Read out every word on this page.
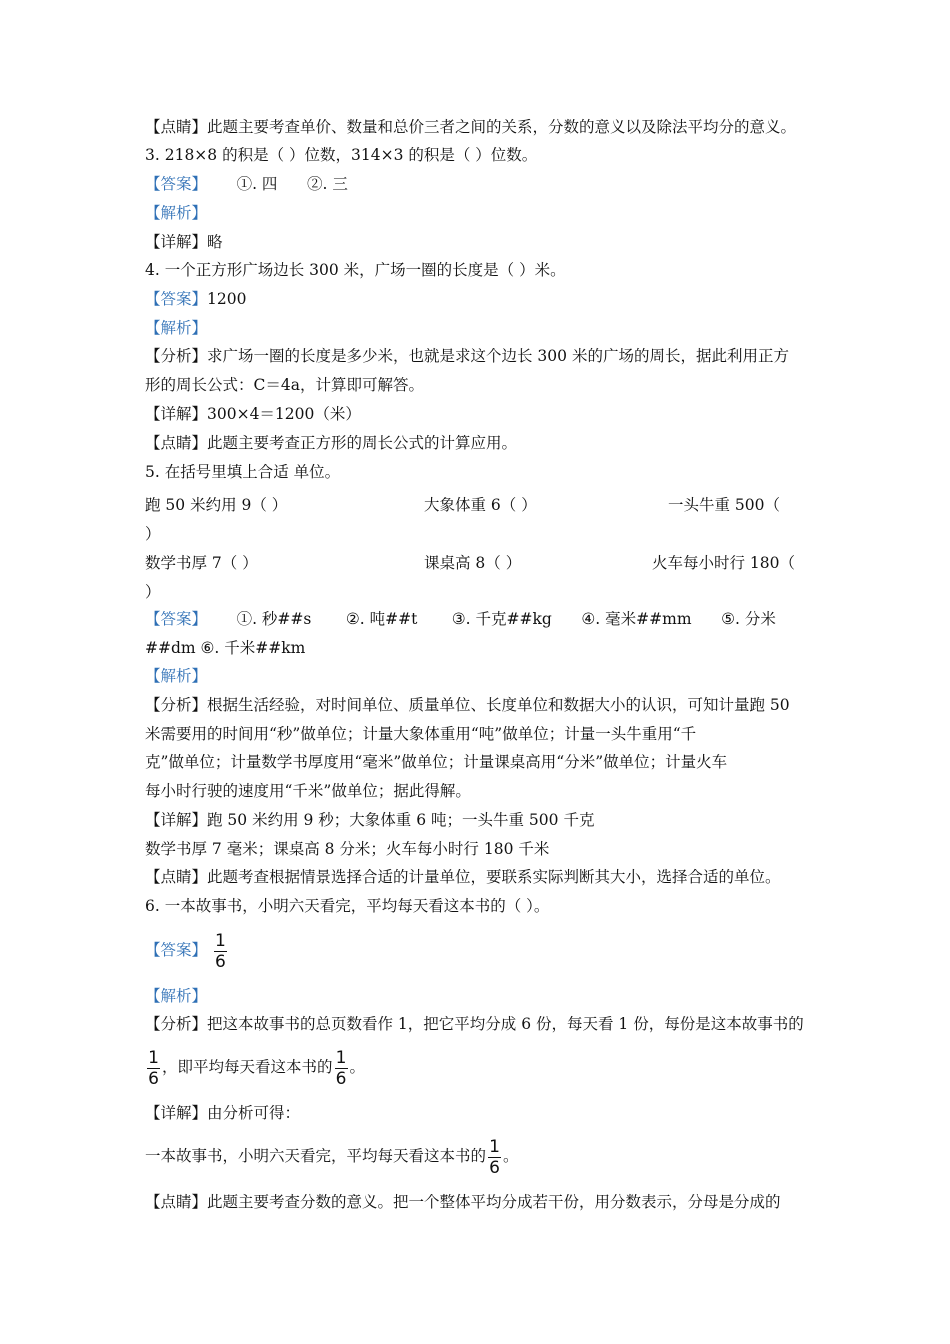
【点睛】此题主要考查单价、数量和总价三者之间的关系，分数的意义以及除法平均分的意义。
3. 218×8 的积是（ ）位数，314×3 的积是（ ）位数。
【答案】      ①. 四      ②. 三
【解析】
【详解】略
4. 一个正方形广场边长 300 米，广场一圈的长度是（ ）米。
【答案】1200
【解析】
【分析】求广场一圈的长度是多少米，也就是求这个边长 300 米的广场的周长，据此利用正方
形的周长公式：C＝4a，计算即可解答。
【详解】300×4＝1200（米）
【点睛】此题主要考查正方形的周长公式的计算应用。
5. 在括号里填上合适 单位。
跑 50 米约用 9（ ）	大象体重 6（ ）	一头牛重 500（
）
数学书厚 7（ ）	课桌高 8（ ）	火车每小时行 180（
）
【答案】      ①. 秒##s       ②. 吨##t       ③. 千克##kg      ④. 毫米##mm      ⑤. 分米
##dm ⑥. 千米##km
【解析】
【分析】根据生活经验，对时间单位、质量单位、长度单位和数据大小的认识，可知计量跑 50
米需要用的时间用“秒”做单位；计量大象体重用“吨”做单位；计量一头牛重用“千
克”做单位；计量数学书厚度用“毫米”做单位；计量课桌高用“分米”做单位；计量火车
每小时行驶的速度用“千米”做单位；据此得解。
【详解】跑 50 米约用 9 秒；大象体重 6 吨；一头牛重 500 千克
数学书厚 7 毫米；课桌高 8 分米；火车每小时行 180 千米
【点睛】此题考查根据情景选择合适的计量单位，要联系实际判断其大小，选择合适的单位。
6. 一本故事书，小明六天看完，平均每天看这本书的（ ）。
【答案】 $\frac{1}{6}$
【解析】
【分析】把这本故事书的总页数看作 1，把它平均分成 6 份，每天看 1 份，每份是这本故事书的
$\frac{1}{6}$ ，即平均每天看这本书的 $\frac{1}{6}$ 。
【详解】由分析可得：
一本故事书，小明六天看完，平均每天看这本书的 $\frac{1}{6}$ 。
【点睛】此题主要考查分数的意义。把一个整体平均分成若干份，用分数表示，分母是分成的
